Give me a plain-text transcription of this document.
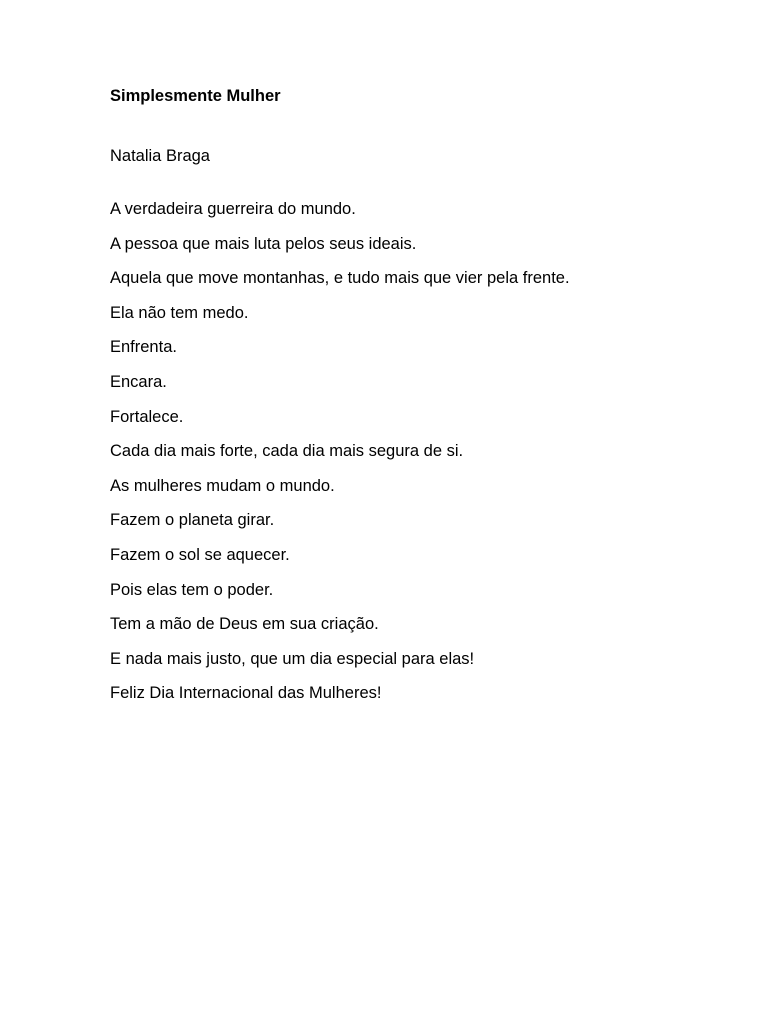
Simplesmente Mulher

Natalia Braga

A verdadeira guerreira do mundo.
A pessoa que mais luta pelos seus ideais.
Aquela que move montanhas, e tudo mais que vier pela frente.
Ela não tem medo.
Enfrenta.
Encara.
Fortalece.
Cada dia mais forte, cada dia mais segura de si.
As mulheres mudam o mundo.
Fazem o planeta girar.
Fazem o sol se aquecer.
Pois elas tem o poder.
Tem a mão de Deus em sua criação.
E nada mais justo, que um dia especial para elas!
Feliz Dia Internacional das Mulheres!
